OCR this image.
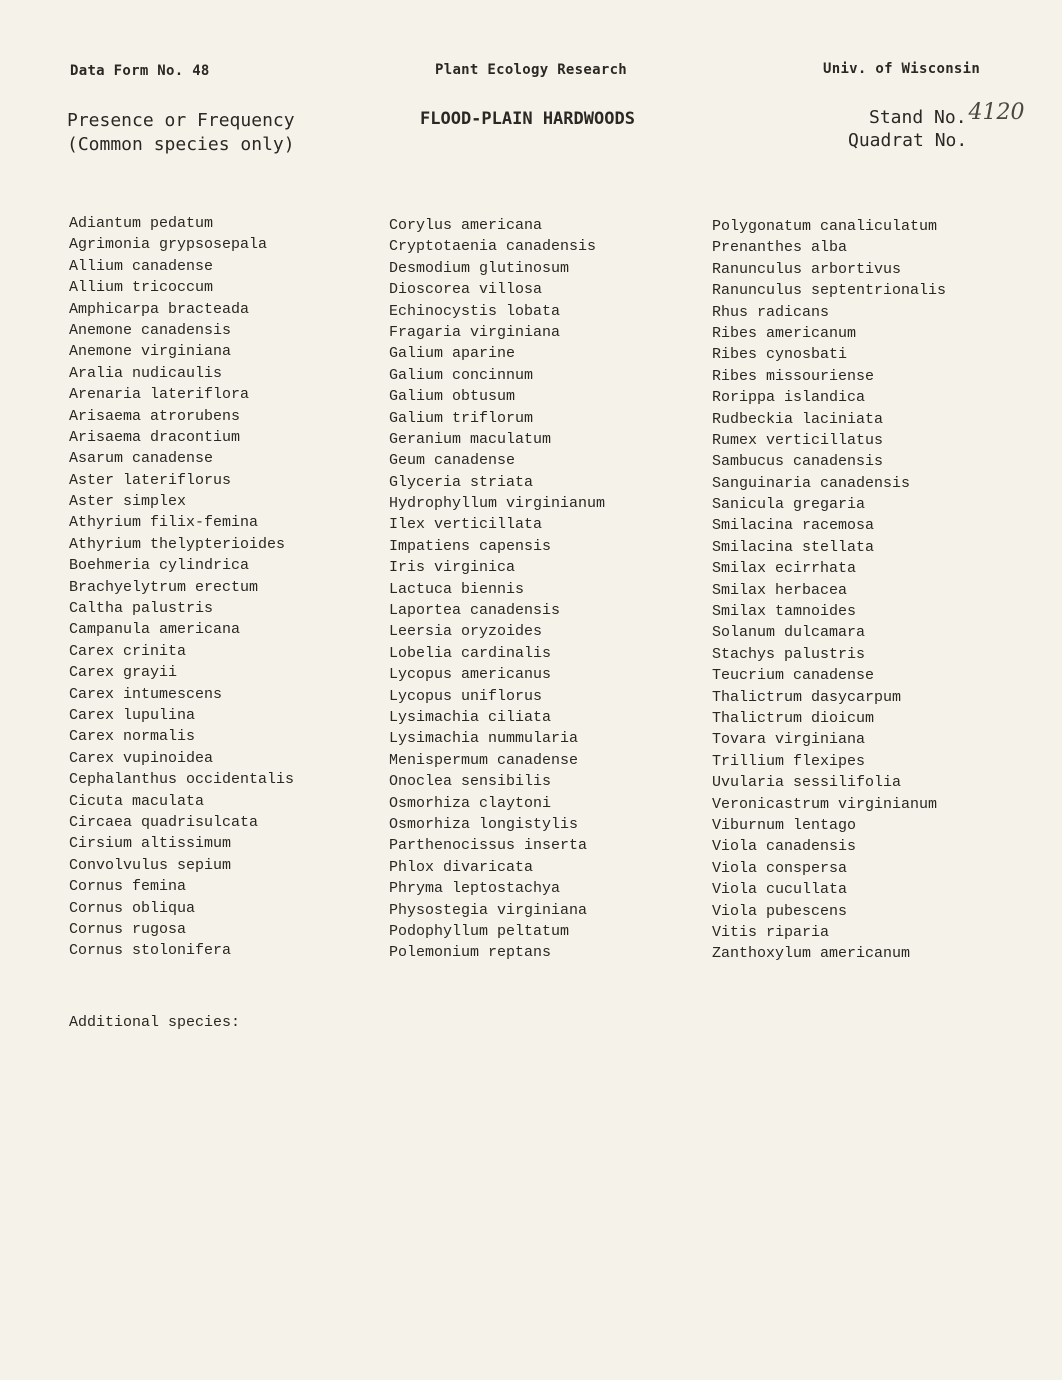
Data Form No. 48	Plant Ecology Research	Univ. of Wisconsin
Presence or Frequency
(Common species only)
FLOOD-PLAIN HARDWOODS	Stand No.4120
Quadrat No.
Adiantum pedatum
Agrimonia grypsosepala
Allium canadense
Allium tricoccum
Amphicarpa bracteada
Anemone canadensis
Anemone virginiana
Aralia nudicaulis
Arenaria lateriflora
Arisaema atrorubens
Arisaema dracontium
Asarum canadense
Aster lateriflorus
Aster simplex
Athyrium filix-femina
Athyrium thelypterioides
Boehmeria cylindrica
Brachyelytrum erectum
Caltha palustris
Campanula americana
Carex crinita
Carex grayii
Carex intumescens
Carex lupulina
Carex normalis
Carex vupinoidea
Cephalanthus occidentalis
Cicuta maculata
Circaea quadrisulcata
Cirsium altissimum
Convolvulus sepium
Cornus femina
Cornus obliqua
Cornus rugosa
Cornus stolonifera
Corylus americana
Cryptotaenia canadensis
Desmodium glutinosum
Dioscorea villosa
Echinocystis lobata
Fragaria virginiana
Galium aparine
Galium concinnum
Galium obtusum
Galium triflorum
Geranium maculatum
Geum canadense
Glyceria striata
Hydrophyllum virginianum
Ilex verticillata
Impatiens capensis
Iris virginica
Lactuca biennis
Laportea canadensis
Leersia oryzoides
Lobelia cardinalis
Lycopus americanus
Lycopus uniflorus
Lysimachia ciliata
Lysimachia nummularia
Menispermum canadense
Onoclea sensibilis
Osmorhiza claytoni
Osmorhiza longistylis
Parthenocissus inserta
Phlox divaricata
Phryma leptostachya
Physostegia virginiana
Podophyllum peltatum
Polemonium reptans
Polygonatum canaliculatum
Prenanthes alba
Ranunculus arbortivus
Ranunculus septentrionalis
Rhus radicans
Ribes americanum
Ribes cynosbati
Ribes missouriense
Rorippa islandica
Rudbeckia laciniata
Rumex verticillatus
Sambucus canadensis
Sanguinaria canadensis
Sanicula gregaria
Smilacina racemosa
Smilacina stellata
Smilax ecirrhata
Smilax herbacea
Smilax tamnoides
Solanum dulcamara
Stachys palustris
Teucrium canadense
Thalictrum dasycarpum
Thalictrum dioicum
Tovara virginiana
Trillium flexipes
Uvularia sessilifolia
Veronicastrum virginianum
Viburnum lentago
Viola canadensis
Viola conspersa
Viola cucullata
Viola pubescens
Vitis riparia
Zanthoxylum americanum
Additional species:
